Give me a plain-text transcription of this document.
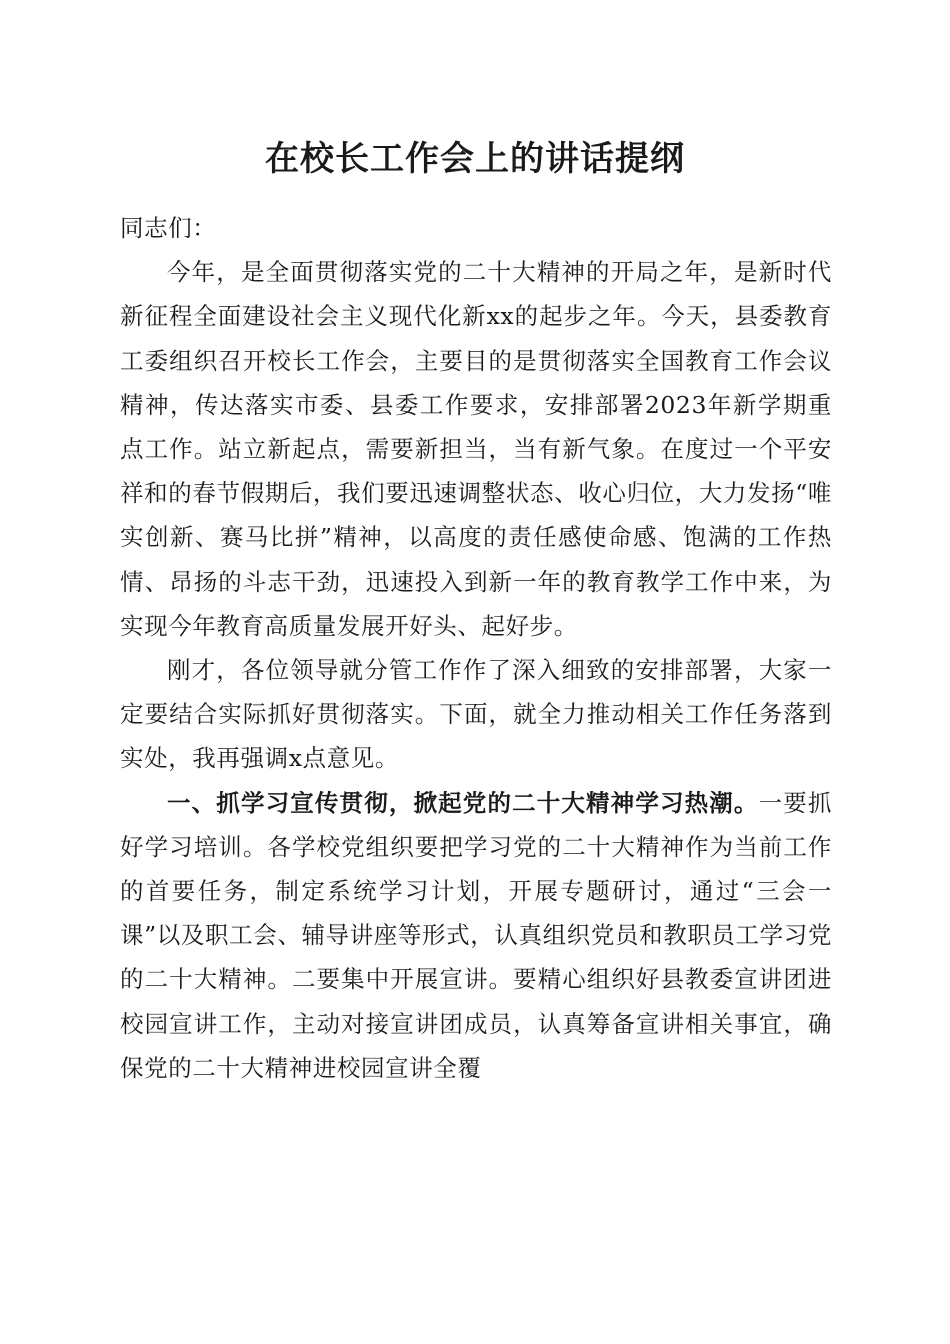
在校长工作会上的讲话提纲

同志们：

今年，是全面贯彻落实党的二十大精神的开局之年，是新时代新征程全面建设社会主义现代化新xx的起步之年。今天，县委教育工委组织召开校长工作会，主要目的是贯彻落实全国教育工作会议精神，传达落实市委、县委工作要求，安排部署2023年新学期重点工作。站立新起点，需要新担当，当有新气象。在度过一个平安祥和的春节假期后，我们要迅速调整状态、收心归位，大力发扬“唯实创新、赛马比拼”精神，以高度的责任感使命感、饱满的工作热情、昂扬的斗志干劲，迅速投入到新一年的教育教学工作中来，为实现今年教育高质量发展开好头、起好步。

刚才，各位领导就分管工作作了深入细致的安排部署，大家一定要结合实际抓好贯彻落实。下面，就全力推动相关工作任务落到实处，我再强调x点意见。

一、抓学习宣传贯彻，掀起党的二十大精神学习热潮。一要抓好学习培训。各学校党组织要把学习党的二十大精神作为当前工作的首要任务，制定系统学习计划，开展专题研讨，通过“三会一课”以及职工会、辅导讲座等形式，认真组织党员和教职员工学习党的二十大精神。二要集中开展宣讲。要精心组织好县教委宣讲团进校园宣讲工作，主动对接宣讲团成员，认真筹备宣讲相关事宜，确保党的二十大精神进校园宣讲全覆
